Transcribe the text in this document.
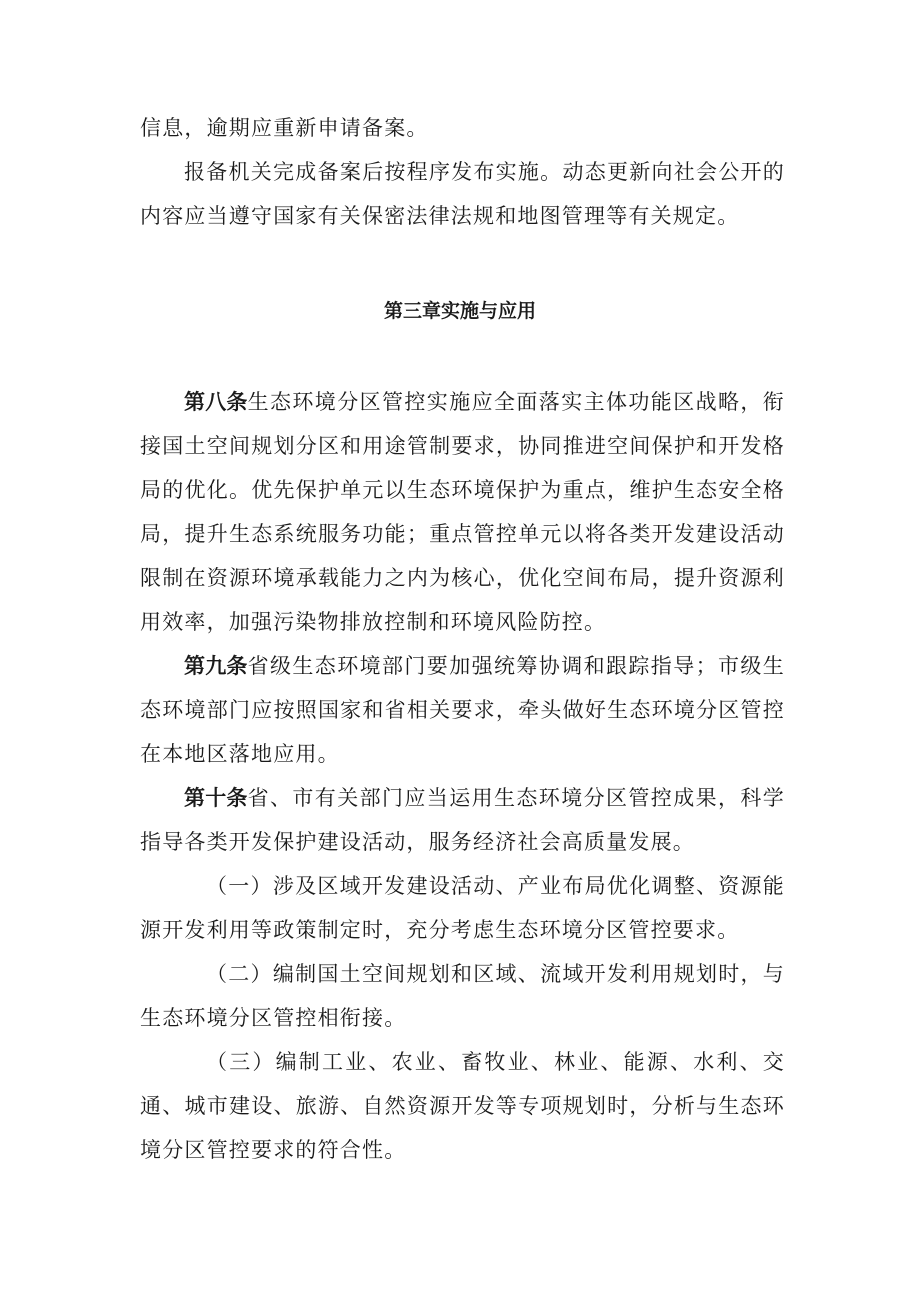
信息，逾期应重新申请备案。

报备机关完成备案后按程序发布实施。动态更新向社会公开的内容应当遵守国家有关保密法律法规和地图管理等有关规定。

第三章实施与应用

第八条生态环境分区管控实施应全面落实主体功能区战略，衔接国土空间规划分区和用途管制要求，协同推进空间保护和开发格局的优化。优先保护单元以生态环境保护为重点，维护生态安全格局，提升生态系统服务功能；重点管控单元以将各类开发建设活动限制在资源环境承载能力之内为核心，优化空间布局，提升资源利用效率，加强污染物排放控制和环境风险防控。

第九条省级生态环境部门要加强统筹协调和跟踪指导；市级生态环境部门应按照国家和省相关要求，牵头做好生态环境分区管控在本地区落地应用。

第十条省、市有关部门应当运用生态环境分区管控成果，科学指导各类开发保护建设活动，服务经济社会高质量发展。

（一）涉及区域开发建设活动、产业布局优化调整、资源能源开发利用等政策制定时，充分考虑生态环境分区管控要求。

（二）编制国土空间规划和区域、流域开发利用规划时，与生态环境分区管控相衔接。

（三）编制工业、农业、畜牧业、林业、能源、水利、交通、城市建设、旅游、自然资源开发等专项规划时，分析与生态环境分区管控要求的符合性。
